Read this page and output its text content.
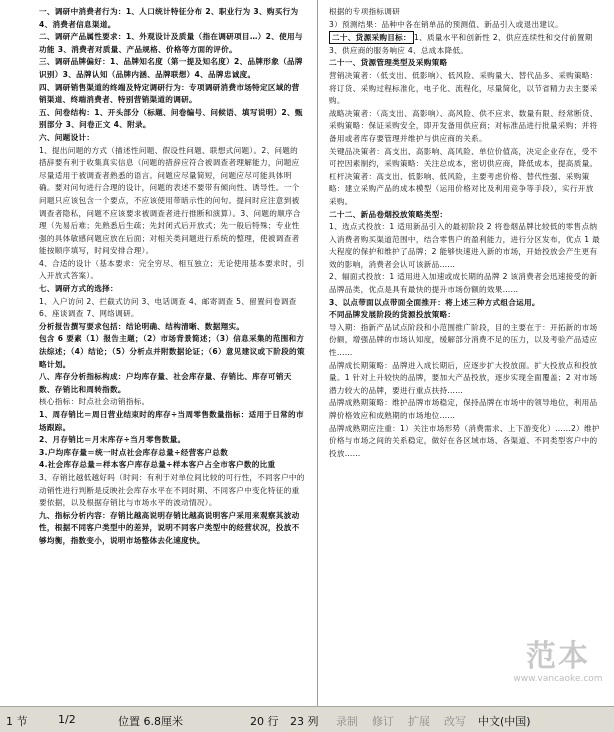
一、调研中消费者行为：1、人口统计特征分布 2、职业行为 3、购买行为 4、消费者信息渠道。

二、调研产品属性要求：1、外观设计及质量（指在调研项目…）2、使用与功能 3、消费者对质量、产品规格、价格等方面的评价。

三、调研品牌偏好：1、品牌知名度（第一提及知名度）2、品牌形象（品牌识别）3、品牌认知（品牌内涵、品牌联想）4、品牌忠诚度。

四、调研销售渠道的终端及特定调研行为：专项调研消费市场特定区域的营销渠道、终端消费者、特别营销渠道的调研。

五、问卷结构：1、开头部分（标题、问卷编号、问候语、填写说明）2、甄别部分 3、问卷正文 4、附录。

六、问题设计：

1、提出问题的方式（描述性问题、假设性问题、联想式问题）。2、问题的措辞要有利于收集真实信息（问题的措辞应符合被调查者理解能力，问题应尽量适用于被调查者熟悉的语言。问题应尽量简短，问题应尽可能具体明确。要对问句进行合理的设计，问题的表述不要带有倾向性、诱导性。一个问题只应该包含一个要点，不应该使用带暗示性的问句。提问时应注意到被调查者隐私，问题不应该要求被调查者进行推断和演算）。3、问题的顺序合理（先易后难；先熟悉后生疏；先封闭式后开放式；先一般后特殊；专业性强的具体敏感问题应放在后面；对相关类问题进行系统的整理，使被调查者能按顺序填写，时间安排合理）。

4、合适的设计（基本要求：完全穷尽、相互独立；无论使用基本要求时，引入开放式答案）。

七、调研方式的选择：

1、入户访问 2、拦截式访问 3、电话调查 4、邮寄调查 5、留置问卷调查 6、座谈调查 7、网络调研。

分析报告撰写要求包括：结论明确、结构清晰、数据翔实。

包含 6 要素（1）报告主题；（2）市场背景简述；（3）信息采集的范围和方法综述；（4）结论；（5）分析点并附数据论证；（6）意见建议或下阶段的策略计划。

八、库存分析指标构成：户均库存量、社会库存量、存销比、库存可销天数、存销比和周转指数。

核心指标：时点社会动销指标。

1、周存销比＝周日营业结束时的库存÷当周零售数量指标：适用于日常的市场跟踪。

2、月存销比＝月末库存÷当月零售数量。

3.户均库存量＝统一时点社会库存总量÷经营客户总数

4.社会库存总量＝样本客户库存总量÷样本客户占全市客户数的比重

3、存销比越低越好吗（时间：有利于对单位间比较的可行性，不同客户中的动销性进行判断是反映社会库存水平在不同时期、不同客户中变化特征的重要依据，以及根据存销比与市场水平的波动情况）。

九、指标分析内容：存销比越高说明存销比越高说明客户采用来观察其波动性，根据不同客户类型中的差异，说明不同客户类型中的经营状况，投放不够均衡，指数变小，说明市场整体去化速度快。

根据的专项指标调研

3）预测结果：品种中各在销单品的预测值、新品引入或退出建议。

二十、货源采购目标： 1、质量水平和创新性 2、供应连续性和交付前置期 3、供应商的服务响应 4、总成本降低。

二十一、货源管理类型及采购策略

营销决策者：（低支出、低影响）、低风险、采购量大、替代品多、采购策略：将订货、采购过程标准化，电子化、流程化，尽量简化，以节省精力去主要采购。

战略决策者：（高支出、高影响）、高风险、供不应求、数量有限、经常断货、采购策略：保证采购安全，即开发备用供应商；对标准品进行批量采购；并将备用或者库存要管理并维护与供应商的关系。

关键品决策者：高支出、高影响、高风险、单位价值高，决定企业存在，受不可控因素制约，采购策略：关注总成本，密切供应商，降低成本，提高质量。

杠杆决策者：高支出、低影响、低风险，主要考虑价格、替代性强、采购策略：建立采购产品的成本模型（运用价格对比及利用竞争等手段），实行开放采购。

二十二、新品卷烟投放策略类型：

1、选点式投放：1 适用新品引入的最初阶段 2 将卷烟品牌比较低的零售点纳入消费者购买渠道范围中，结合零售户的盈利能力，进行分区发布，优点 1 最大程度的保护和维护了品牌；2 能够快速进入新的市场，开始投放会产生更有效的影响，消费者会认可该新品……

2、辐面式投放：1 适用进入加速或成长期的品牌 2 该消费者会迅速接受的新品牌品类，优点是具有最快的提升市场份额的效果……

3、以点带面以点带面全面推开：将上述三种方式组合运用。

不同品牌发展阶段的货源投放策略：

导入期：指新产品试点阶段和小范围推广阶段，目的主要在于：开拓新的市场份额，增强品牌的市场认知度，缓解部分消费不足的压力，以及考验产品适应性……

品牌成长期策略：品牌进入成长期后，应逐步扩大投放面。扩大投放点和投放量。1 针对上升较快的品牌，要加大产品投放，逐步实现全面覆盖；2 对市场潜力较大的品牌，要进行重点扶持……

品牌成熟期策略：维护品牌市场稳定，保持品牌在市场中的领导地位，利用品牌价格效应和成熟期的市场地位……

品牌成熟期应注重：1）关注市场形势（消费需求、上下游变化）……2）维护价格与市场之间的关系稳定，做好在各区域市场、各渠道、不同类型客户中的投放……

范本
www.vancaoke.com
1 节	1/2	位置 6.8厘米	20 行 23 列 录制 修订 扩展 改写 中文(中国)
